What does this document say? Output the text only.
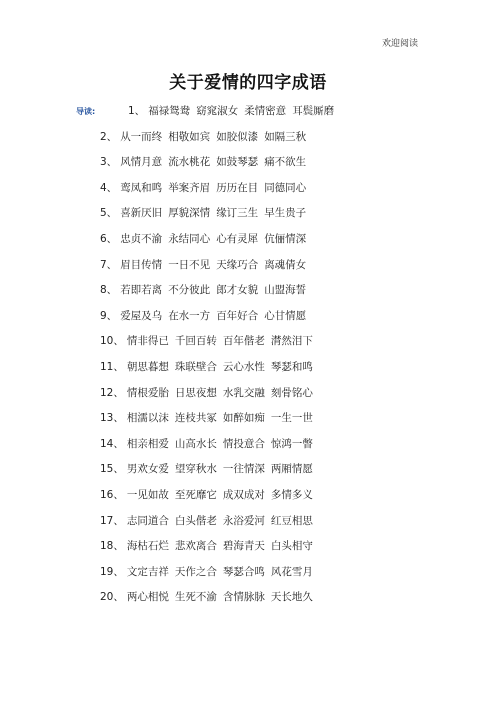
欢迎阅读
关于爱情的四字成语
导读:	1、 福禄鸳鸯 窈窕淑女 柔情密意 耳鬓厮磨
2、 从一而终 相敬如宾 如胶似漆 如隔三秋
3、 风情月意 流水桃花 如鼓琴瑟 痛不欲生
4、 鸾凤和鸣 举案齐眉 历历在目 同德同心
5、 喜新厌旧 厚貌深情 缘订三生 早生贵子
6、 忠贞不渝 永结同心 心有灵犀 伉俪情深
7、 眉目传情 一日不见 天缘巧合 离魂倩女
8、 若即若离 不分彼此 郎才女貌 山盟海誓
9、 爱屋及乌 在水一方 百年好合 心甘情愿
10、 情非得已 千回百转 百年偕老 潸然泪下
11、 朝思暮想 珠联壁合 云心水性 琴瑟和鸣
12、 情根爱胎 日思夜想 水乳交融 刻骨铭心
13、 相濡以沫 连枝共冢 如醉如痴 一生一世
14、 相亲相爱 山高水长 情投意合 惊鸿一瞥
15、 男欢女爱 望穿秋水 一往情深 两厢情愿
16、 一见如故 至死靡它 成双成对 多情多义
17、 志同道合 白头偕老 永浴爱河 红豆相思
18、 海枯石烂 悲欢离合 碧海青天 白头相守
19、 文定吉祥 天作之合 琴瑟合鸣 风花雪月
20、 两心相悦 生死不渝 含情脉脉 天长地久
